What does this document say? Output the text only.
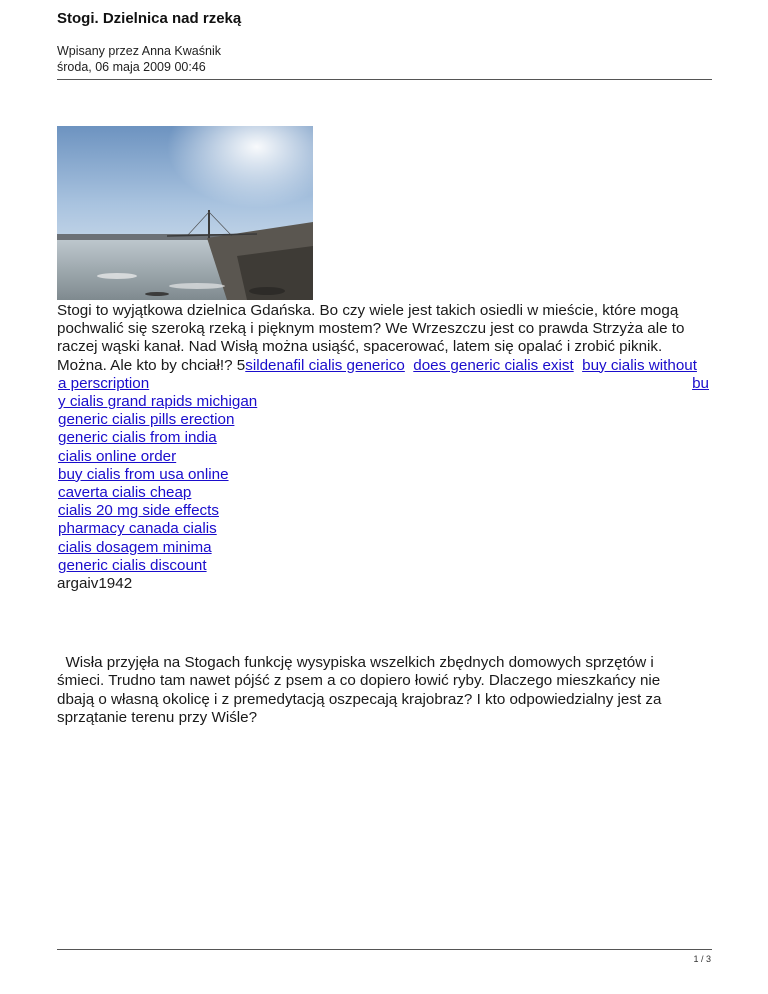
Stogi. Dzielnica nad rzeką
Wpisany przez Anna Kwaśnik
środa, 06 maja 2009 00:46
Stogi to wyjątkowa dzielnica Gdańska. Bo czy wiele jest takich osiedli w mieście, które mogą pochwalić się szeroką rzeką i pięknym mostem? We Wrzeszczu jest co prawda Strzyża ale to raczej wąski kanał. Nad Wisłą można usiąść, spacerować, latem się opalać i zrobić piknik. Można. Ale kto by chciał!? 5sildenafil cialis generico does generic cialis exist buy cialis without
a perscription	bu
y cialis grand rapids michigan
generic cialis pills erection
generic cialis from india
cialis online order
buy cialis from usa online
caverta cialis cheap
cialis 20 mg side effects
pharmacy canada cialis
cialis dosagem minima
generic cialis discount
argaiv1942
Wisła przyjęła na Stogach funkcję wysypiska wszelkich zbędnych domowych sprzętów i śmieci. Trudno tam nawet pójść z psem a co dopiero łowić ryby. Dlaczego mieszkańcy nie dbają o własną okolicę i z premedytacją oszpecają krajobraz? I kto odpowiedzialny jest za sprzątanie terenu przy Wiśle?
1 / 3
